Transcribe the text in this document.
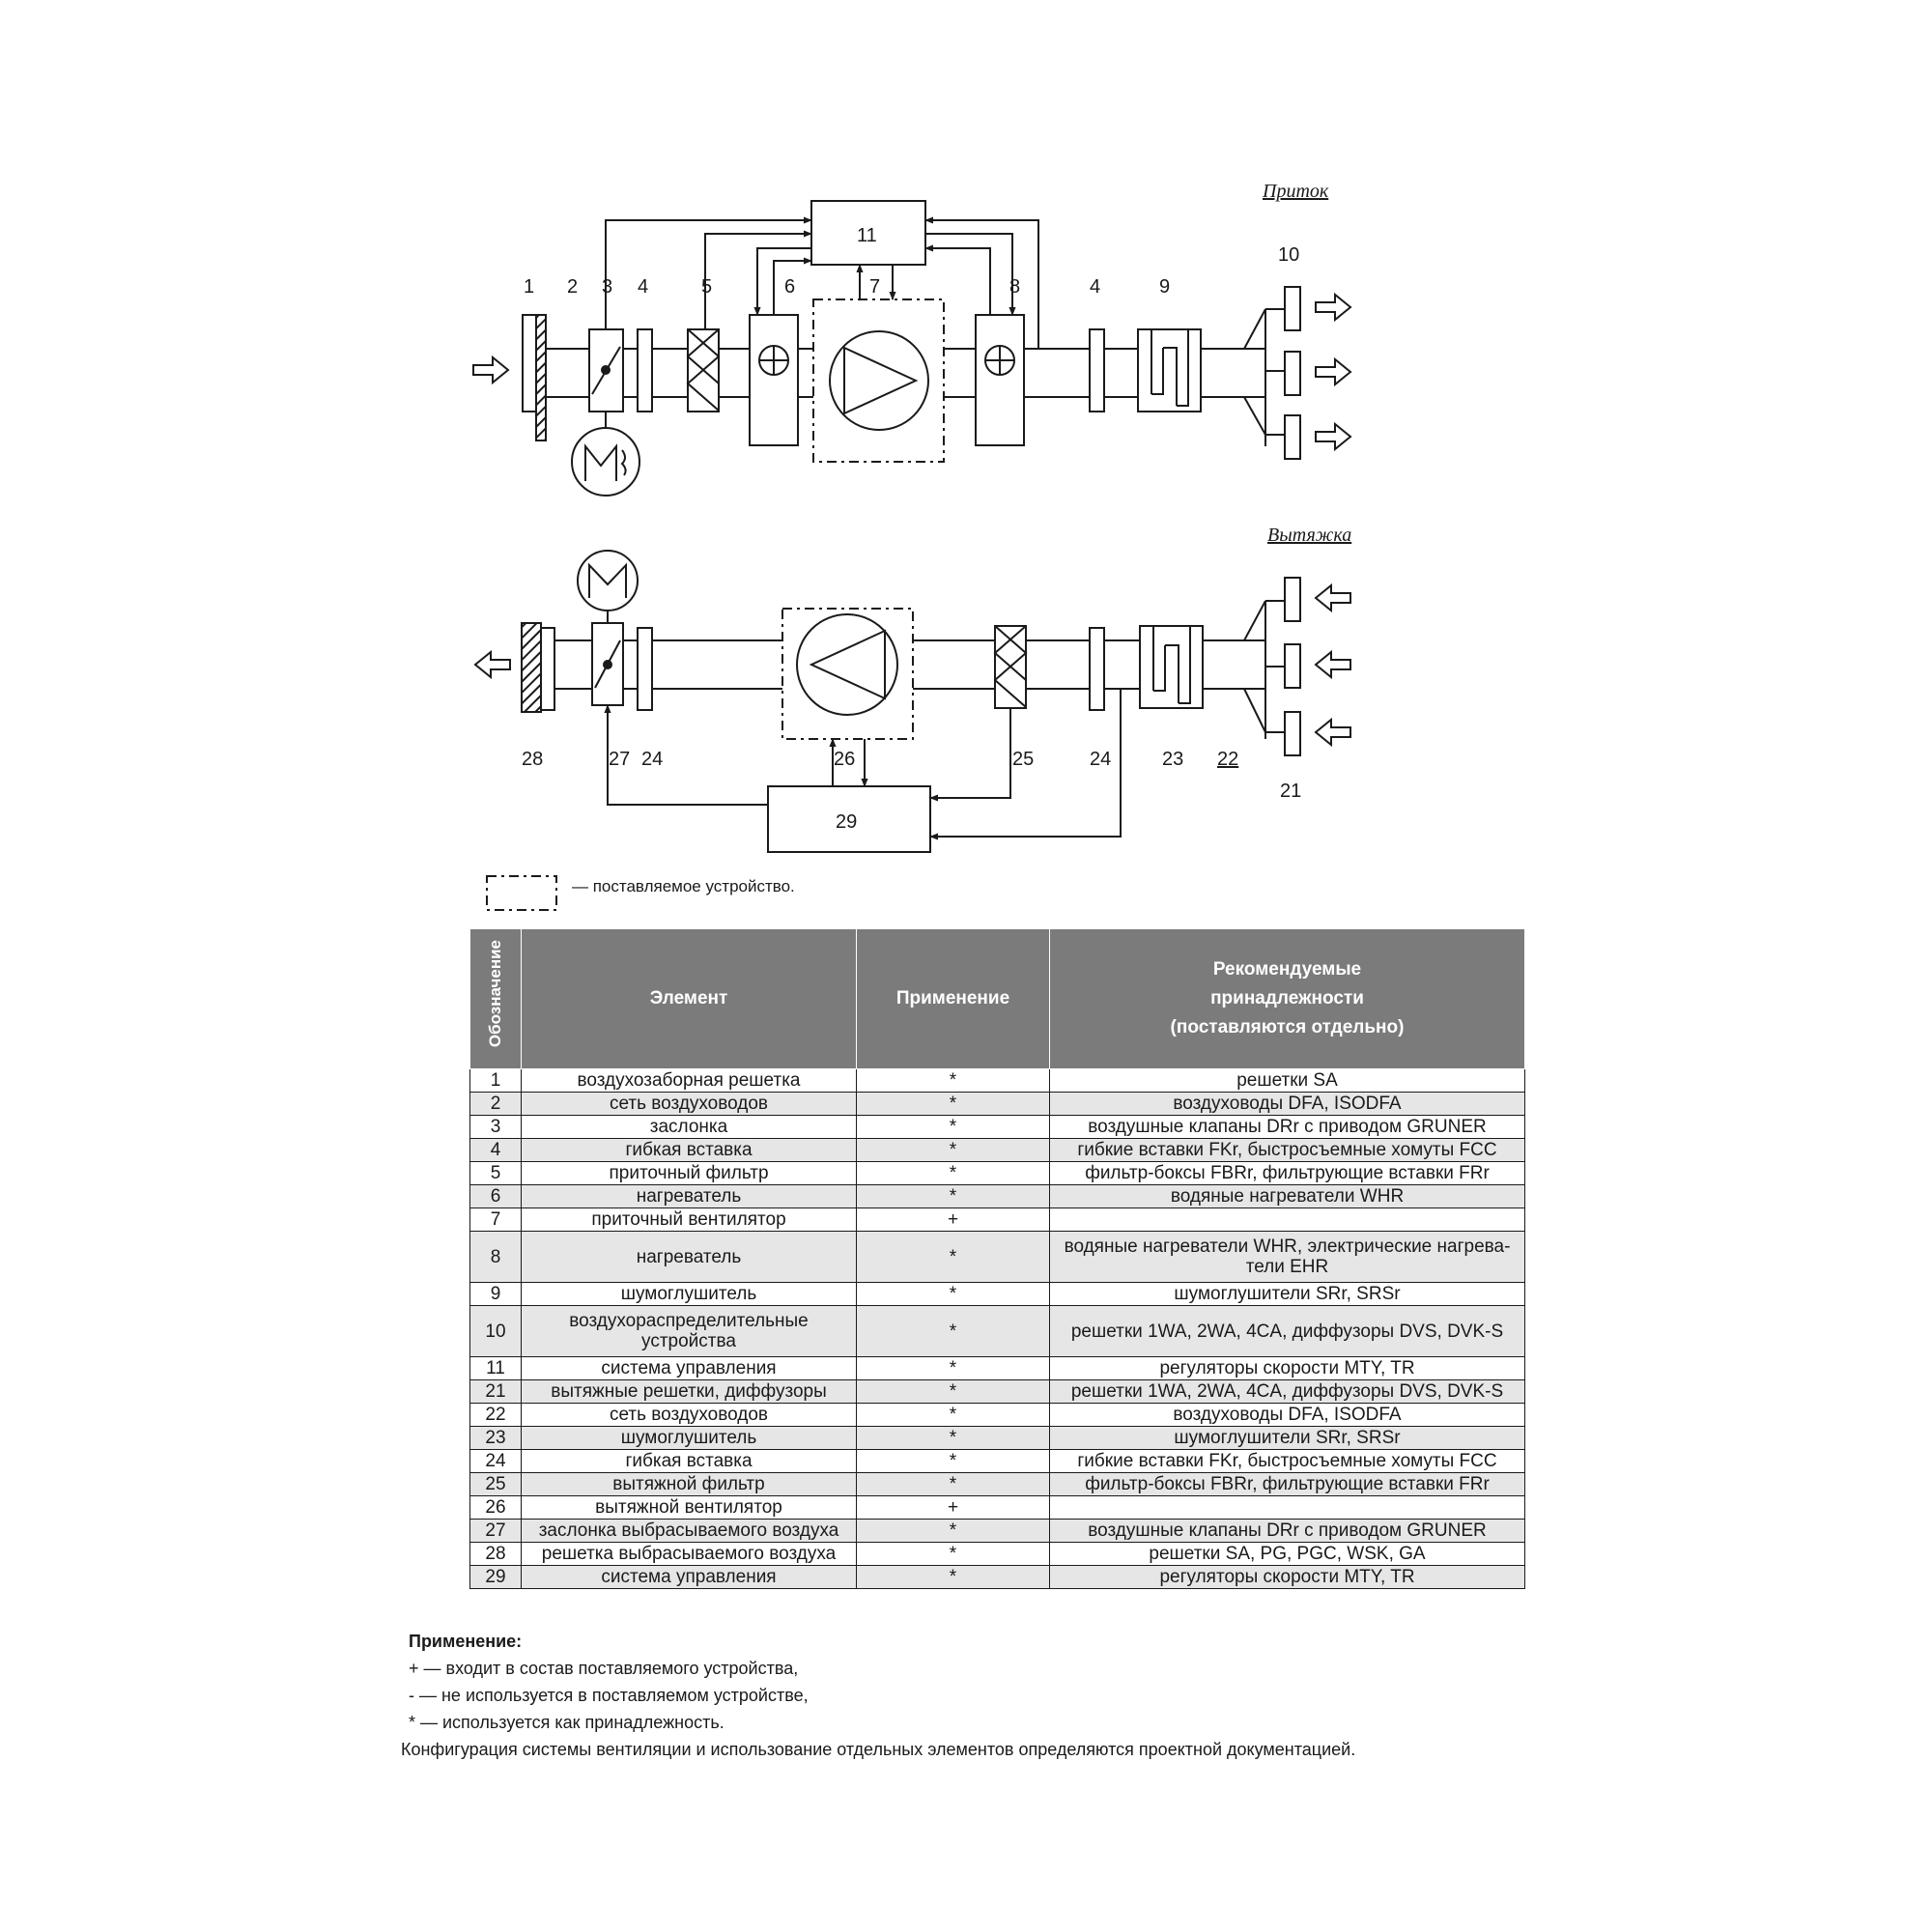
Приток
Вытяжка
1 2 3 4	5	6	7	8	4	9
10
11
28	27 24	26	25	24	23 22
21
29
— поставляемое устройство.
Обозначение	Элемент	Применение	Рекомендуемые
принадлежности
(поставляются отдельно)

1	воздухозаборная решетка	*	решетки SA
2	сеть воздуховодов	*	воздуховоды DFA, ISODFA
3	заслонка	*	воздушные клапаны DRr с приводом GRUNER
4	гибкая вставка	*	гибкие вставки FKr, быстросъемные хомуты FCC
5	приточный фильтр	*	фильтр-боксы FBRr, фильтрующие вставки FRr
6	нагреватель	*	водяные нагреватели WHR
7	приточный вентилятор	+	
8	нагреватель	*	водяные нагреватели WHR, электрические нагрева-
тели EHR
9	шумоглушитель	*	шумоглушители SRr, SRSr
10	воздухораспределительные
устройства	*	решетки 1WA, 2WA, 4CA, диффузоры DVS, DVK-S
11	система управления	*	регуляторы скорости MTY, TR
21	вытяжные решетки, диффузоры	*	решетки 1WA, 2WA, 4CA, диффузоры DVS, DVK-S
22	сеть воздуховодов	*	воздуховоды DFA, ISODFA
23	шумоглушитель	*	шумоглушители SRr, SRSr
24	гибкая вставка	*	гибкие вставки FKr, быстросъемные хомуты FCC
25	вытяжной фильтр	*	фильтр-боксы FBRr, фильтрующие вставки FRr
26	вытяжной вентилятор	+	
27	заслонка выбрасываемого воздуха	*	воздушные клапаны DRr с приводом GRUNER
28	решетка выбрасываемого воздуха	*	решетки SA, PG, PGC, WSK, GA
29	система управления	*	регуляторы скорости MTY, TR
Применение:
+ — входит в состав поставляемого устройства,
- — не используется в поставляемом устройстве,
* — используется как принадлежность.
Конфигурация системы вентиляции и использование отдельных элементов определяются проектной документацией.
